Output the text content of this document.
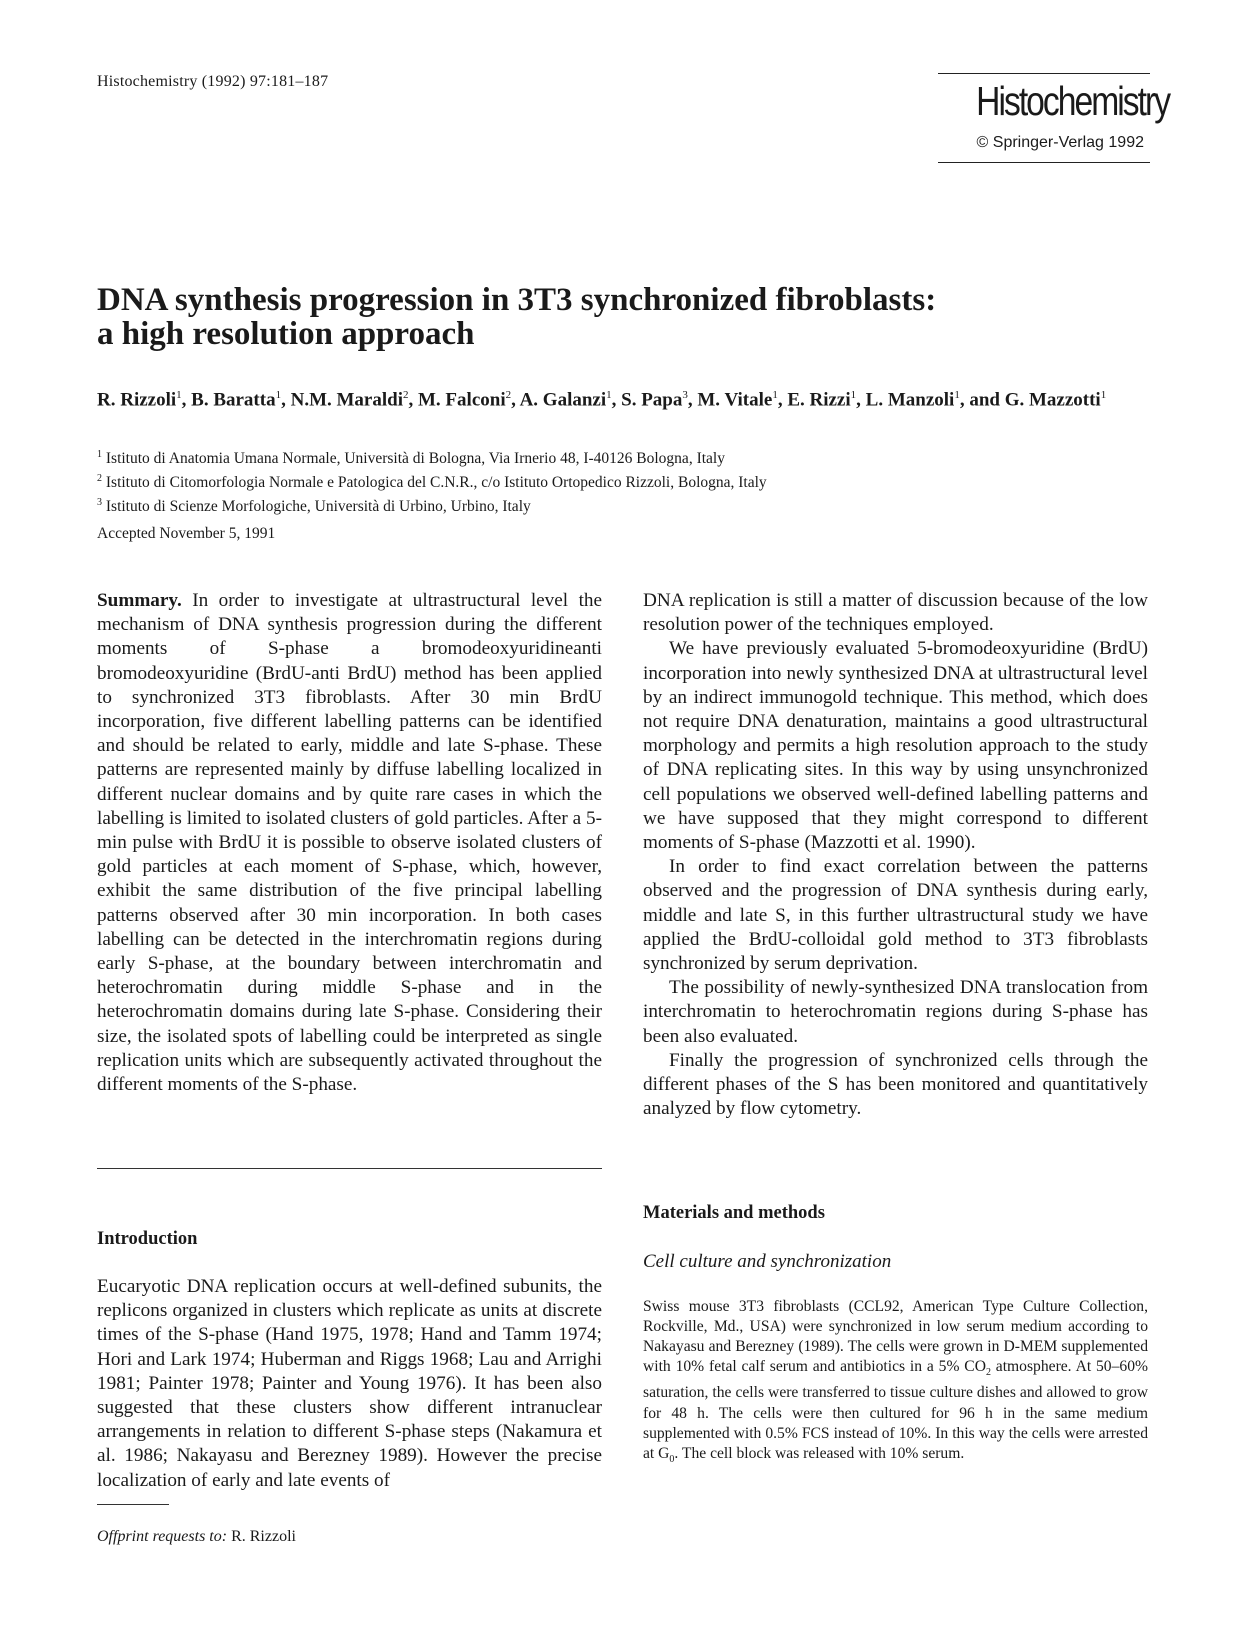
Histochemistry (1992) 97:181–187	Histochemistry
© Springer-Verlag 1992
DNA synthesis progression in 3T3 synchronized fibroblasts:
a high resolution approach
R. Rizzoli$^1$, B. Baratta$^1$, N.M. Maraldi$^2$, M. Falconi$^2$, A. Galanzi$^1$, S. Papa$^3$, M. Vitale$^1$, E. Rizzi$^1$, L. Manzoli$^1$, and G. Mazzotti$^1$
$^1$ Istituto di Anatomia Umana Normale, Università di Bologna, Via Irnerio 48, I-40126 Bologna, Italy
$^2$ Istituto di Citomorfologia Normale e Patologica del C.N.R., c/o Istituto Ortopedico Rizzoli, Bologna, Italy
$^3$ Istituto di Scienze Morfologiche, Università di Urbino, Urbino, Italy
Accepted November 5, 1991

Summary. In order to investigate at ultrastructural level the mechanism of DNA synthesis progression during the different moments of S-phase a bromodeoxyuridineanti bromodeoxyuridine (BrdU-anti BrdU) method has been applied to synchronized 3T3 fibroblasts. After 30 min BrdU incorporation, five different labelling patterns can be identified and should be related to early, middle and late S-phase. These patterns are represented mainly by diffuse labelling localized in different nuclear domains and by quite rare cases in which the labelling is limited to isolated clusters of gold particles. After a 5-min pulse with BrdU it is possible to observe isolated clusters of gold particles at each moment of S-phase, which, however, exhibit the same distribution of the five principal labelling patterns observed after 30 min incorporation. In both cases labelling can be detected in the interchromatin regions during early S-phase, at the boundary between interchromatin and heterochromatin during middle S-phase and in the heterochromatin domains during late S-phase. Considering their size, the isolated spots of labelling could be interpreted as single replication units which are subsequently activated throughout the different moments of the S-phase.

Introduction

Eucaryotic DNA replication occurs at well-defined subunits, the replicons organized in clusters which replicate as units at discrete times of the S-phase (Hand 1975, 1978; Hand and Tamm 1974; Hori and Lark 1974; Huberman and Riggs 1968; Lau and Arrighi 1981; Painter 1978; Painter and Young 1976). It has been also suggested that these clusters show different intranuclear arrangements in relation to different S-phase steps (Nakamura et al. 1986; Nakayasu and Berezney 1989). However the precise localization of early and late events of

DNA replication is still a matter of discussion because of the low resolution power of the techniques employed.

We have previously evaluated 5-bromodeoxyuridine (BrdU) incorporation into newly synthesized DNA at ultrastructural level by an indirect immunogold technique. This method, which does not require DNA denaturation, maintains a good ultrastructural morphology and permits a high resolution approach to the study of DNA replicating sites. In this way by using unsynchronized cell populations we observed well-defined labelling patterns and we have supposed that they might correspond to different moments of S-phase (Mazzotti et al. 1990).

In order to find exact correlation between the patterns observed and the progression of DNA synthesis during early, middle and late S, in this further ultrastructural study we have applied the BrdU-colloidal gold method to 3T3 fibroblasts synchronized by serum deprivation.

The possibility of newly-synthesized DNA translocation from interchromatin to heterochromatin regions during S-phase has been also evaluated.

Finally the progression of synchronized cells through the different phases of the S has been monitored and quantitatively analyzed by flow cytometry.

Materials and methods
Cell culture and synchronization
Swiss mouse 3T3 fibroblasts (CCL92, American Type Culture Collection, Rockville, Md., USA) were synchronized in low serum medium according to Nakayasu and Berezney (1989). The cells were grown in D-MEM supplemented with 10% fetal calf serum and antibiotics in a 5% $CO_2$ atmosphere. At 50–60% saturation, the cells were transferred to tissue culture dishes and allowed to grow for 48 h. The cells were then cultured for 96 h in the same medium supplemented with 0.5% FCS instead of 10%. In this way the cells were arrested at $G_0$. The cell block was released with 10% serum.
Offprint requests to: R. Rizzoli
